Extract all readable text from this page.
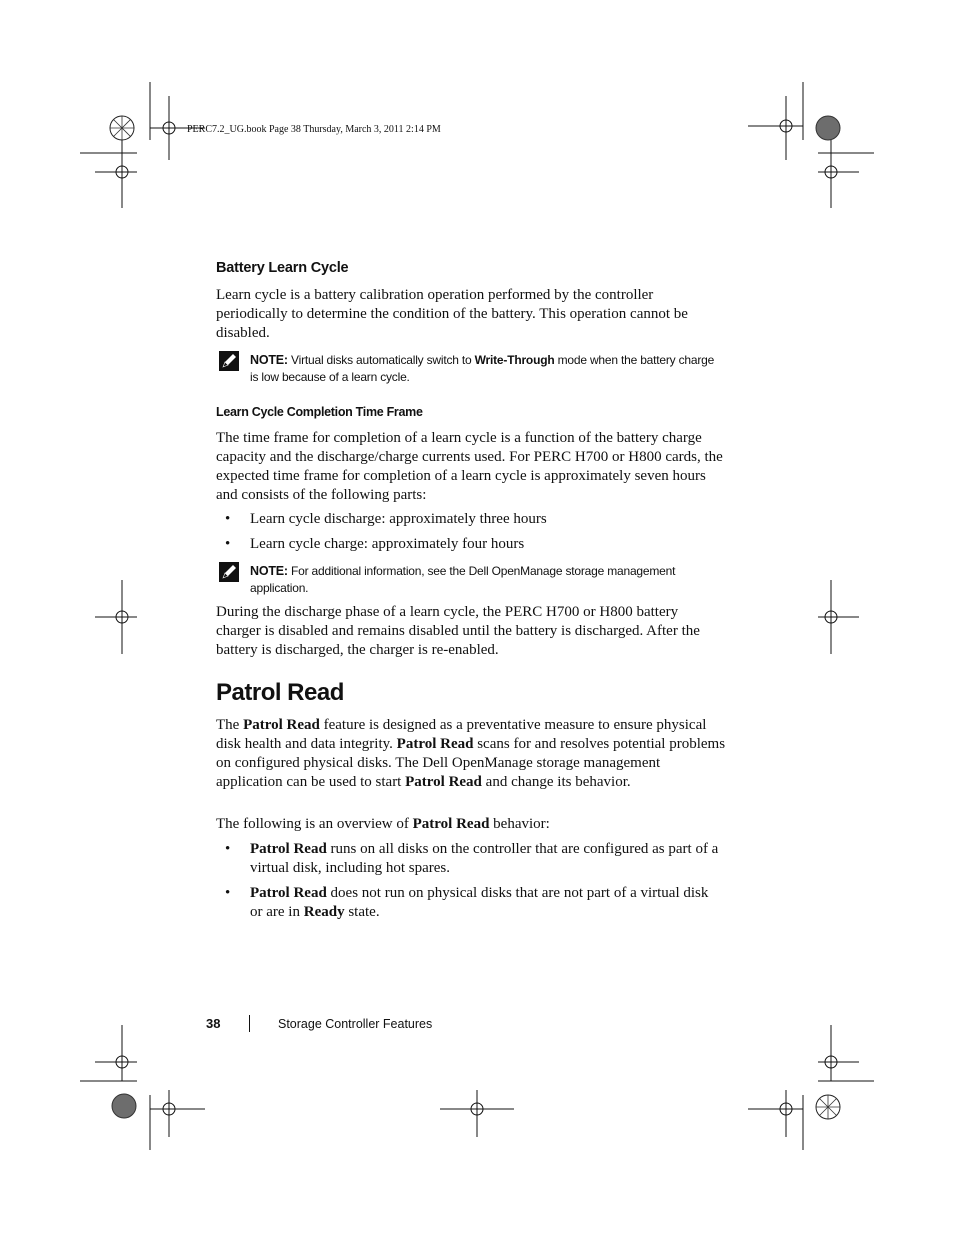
PERC7.2_UG.book Page 38 Thursday, March 3, 2011 2:14 PM
Battery Learn Cycle
Learn cycle is a battery calibration operation performed by the controller periodically to determine the condition of the battery. This operation cannot be disabled.
NOTE: Virtual disks automatically switch to Write-Through mode when the battery charge is low because of a learn cycle.
Learn Cycle Completion Time Frame
The time frame for completion of a learn cycle is a function of the battery charge capacity and the discharge/charge currents used. For PERC H700 or H800 cards, the expected time frame for completion of a learn cycle is approximately seven hours and consists of the following parts:
• Learn cycle discharge: approximately three hours
• Learn cycle charge: approximately four hours
NOTE: For additional information, see the Dell OpenManage storage management application.
During the discharge phase of a learn cycle, the PERC H700 or H800 battery charger is disabled and remains disabled until the battery is discharged. After the battery is discharged, the charger is re-enabled.
Patrol Read
The Patrol Read feature is designed as a preventative measure to ensure physical disk health and data integrity. Patrol Read scans for and resolves potential problems on configured physical disks. The Dell OpenManage storage management application can be used to start Patrol Read and change its behavior.
The following is an overview of Patrol Read behavior:
• Patrol Read runs on all disks on the controller that are configured as part of a virtual disk, including hot spares.
• Patrol Read does not run on physical disks that are not part of a virtual disk or are in Ready state.
38	Storage Controller Features
